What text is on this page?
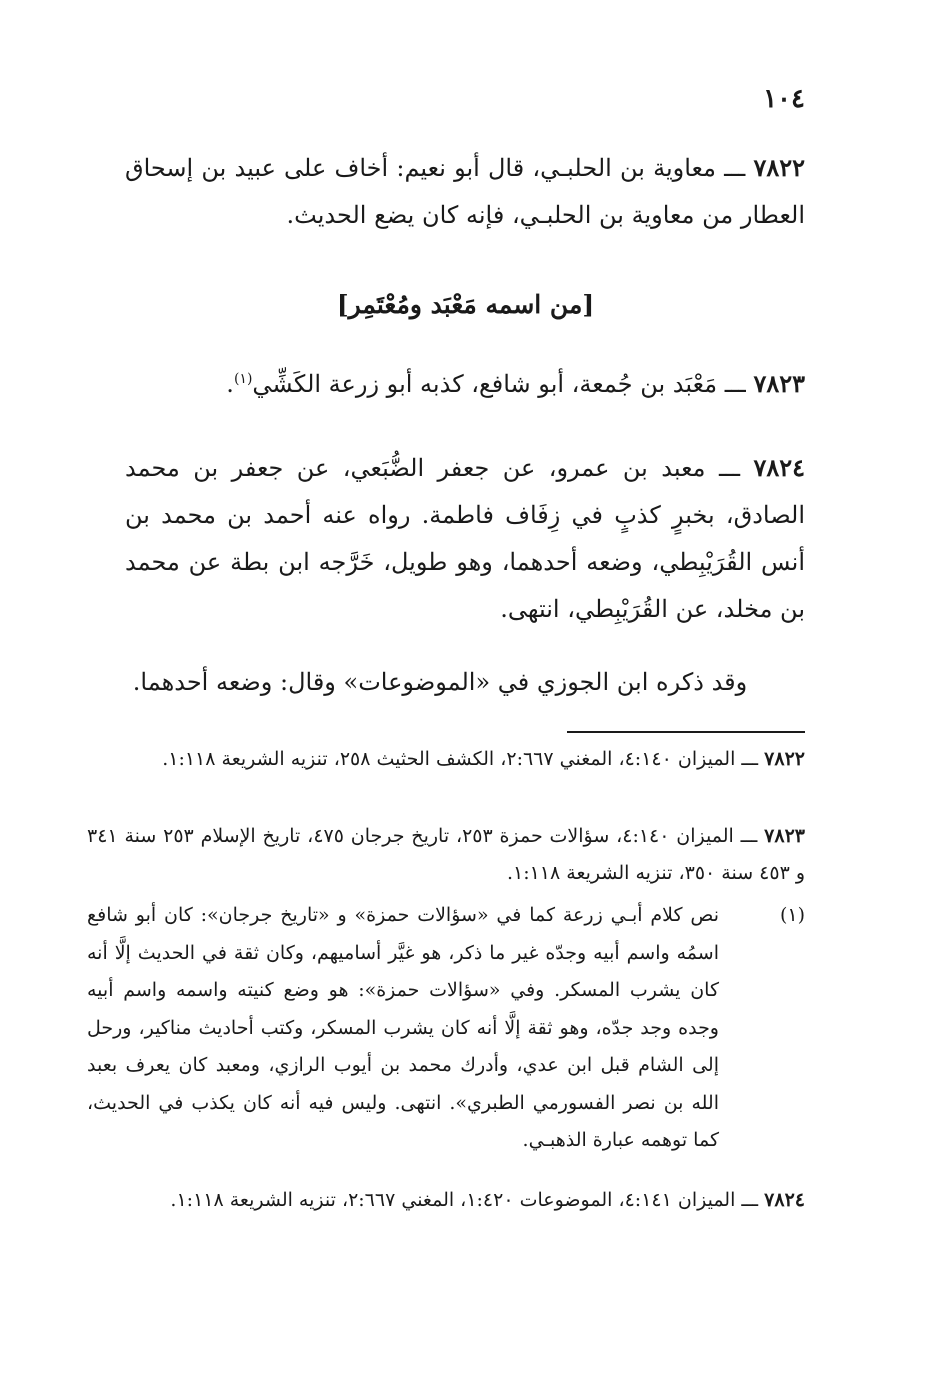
١٠٤
٧٨٢٢ ـــ معاوية بن الحلبـي، قال أبو نعيم: أخاف على عبيد بن إسحاق العطار من معاوية بن الحلبـي، فإنه كان يضع الحديث.
[من اسمه مَعْبَد ومُعْتَمِر]
٧٨٢٣ ـــ مَعْبَد بن جُمعة، أبو شافع، كذبه أبو زرعة الكَشِّي$^{(١)}$.
٧٨٢٤ ـــ معبد بن عمرو، عن جعفر الضُّبَعي، عن جعفر بن محمد الصادق، بخبرٍ كذبٍ في زِفَاف فاطمة. رواه عنه أحمد بن محمد بن أنس القُرَيْبِطي، وضعه أحدهما، وهو طويل، خَرَّجه ابن بطة عن محمد بن مخلد، عن القُرَيْبِطي، انتهى.
وقد ذكره ابن الجوزي في «الموضوعات» وقال: وضعه أحدهما.
٧٨٢٢ ـــ الميزان ٤:١٤٠، المغني ٢:٦٦٧، الكشف الحثيث ٢٥٨، تنزيه الشريعة ١:١١٨.
٧٨٢٣ ـــ الميزان ٤:١٤٠، سؤالات حمزة ٢٥٣، تاريخ جرجان ٤٧٥، تاريخ الإسلام ٢٥٣ سنة ٣٤١ و ٤٥٣ سنة ٣٥٠، تنزيه الشريعة ١:١١٨.
(١)
نص كلام أبـي زرعة كما في «سؤالات حمزة» و «تاريخ جرجان»: كان أبو شافع اسمُه واسم أبيه وجدّه غير ما ذكر، هو غيَّر أساميهم، وكان ثقة في الحديث إلَّا أنه كان يشرب المسكر. وفي «سؤالات حمزة»: هو وضع كنيته واسمه واسم أبيه وجده وجد جدّه، وهو ثقة إلَّا أنه كان يشرب المسكر، وكتب أحاديث مناكير، ورحل إلى الشام قبل ابن عدي، وأدرك محمد بن أيوب الرازي، ومعبد كان يعرف بعبد الله بن نصر الفسورمي الطبري». انتهى. وليس فيه أنه كان يكذب في الحديث، كما توهمه عبارة الذهبـي.
٧٨٢٤ ـــ الميزان ٤:١٤١، الموضوعات ١:٤٢٠، المغني ٢:٦٦٧، تنزيه الشريعة ١:١١٨.
